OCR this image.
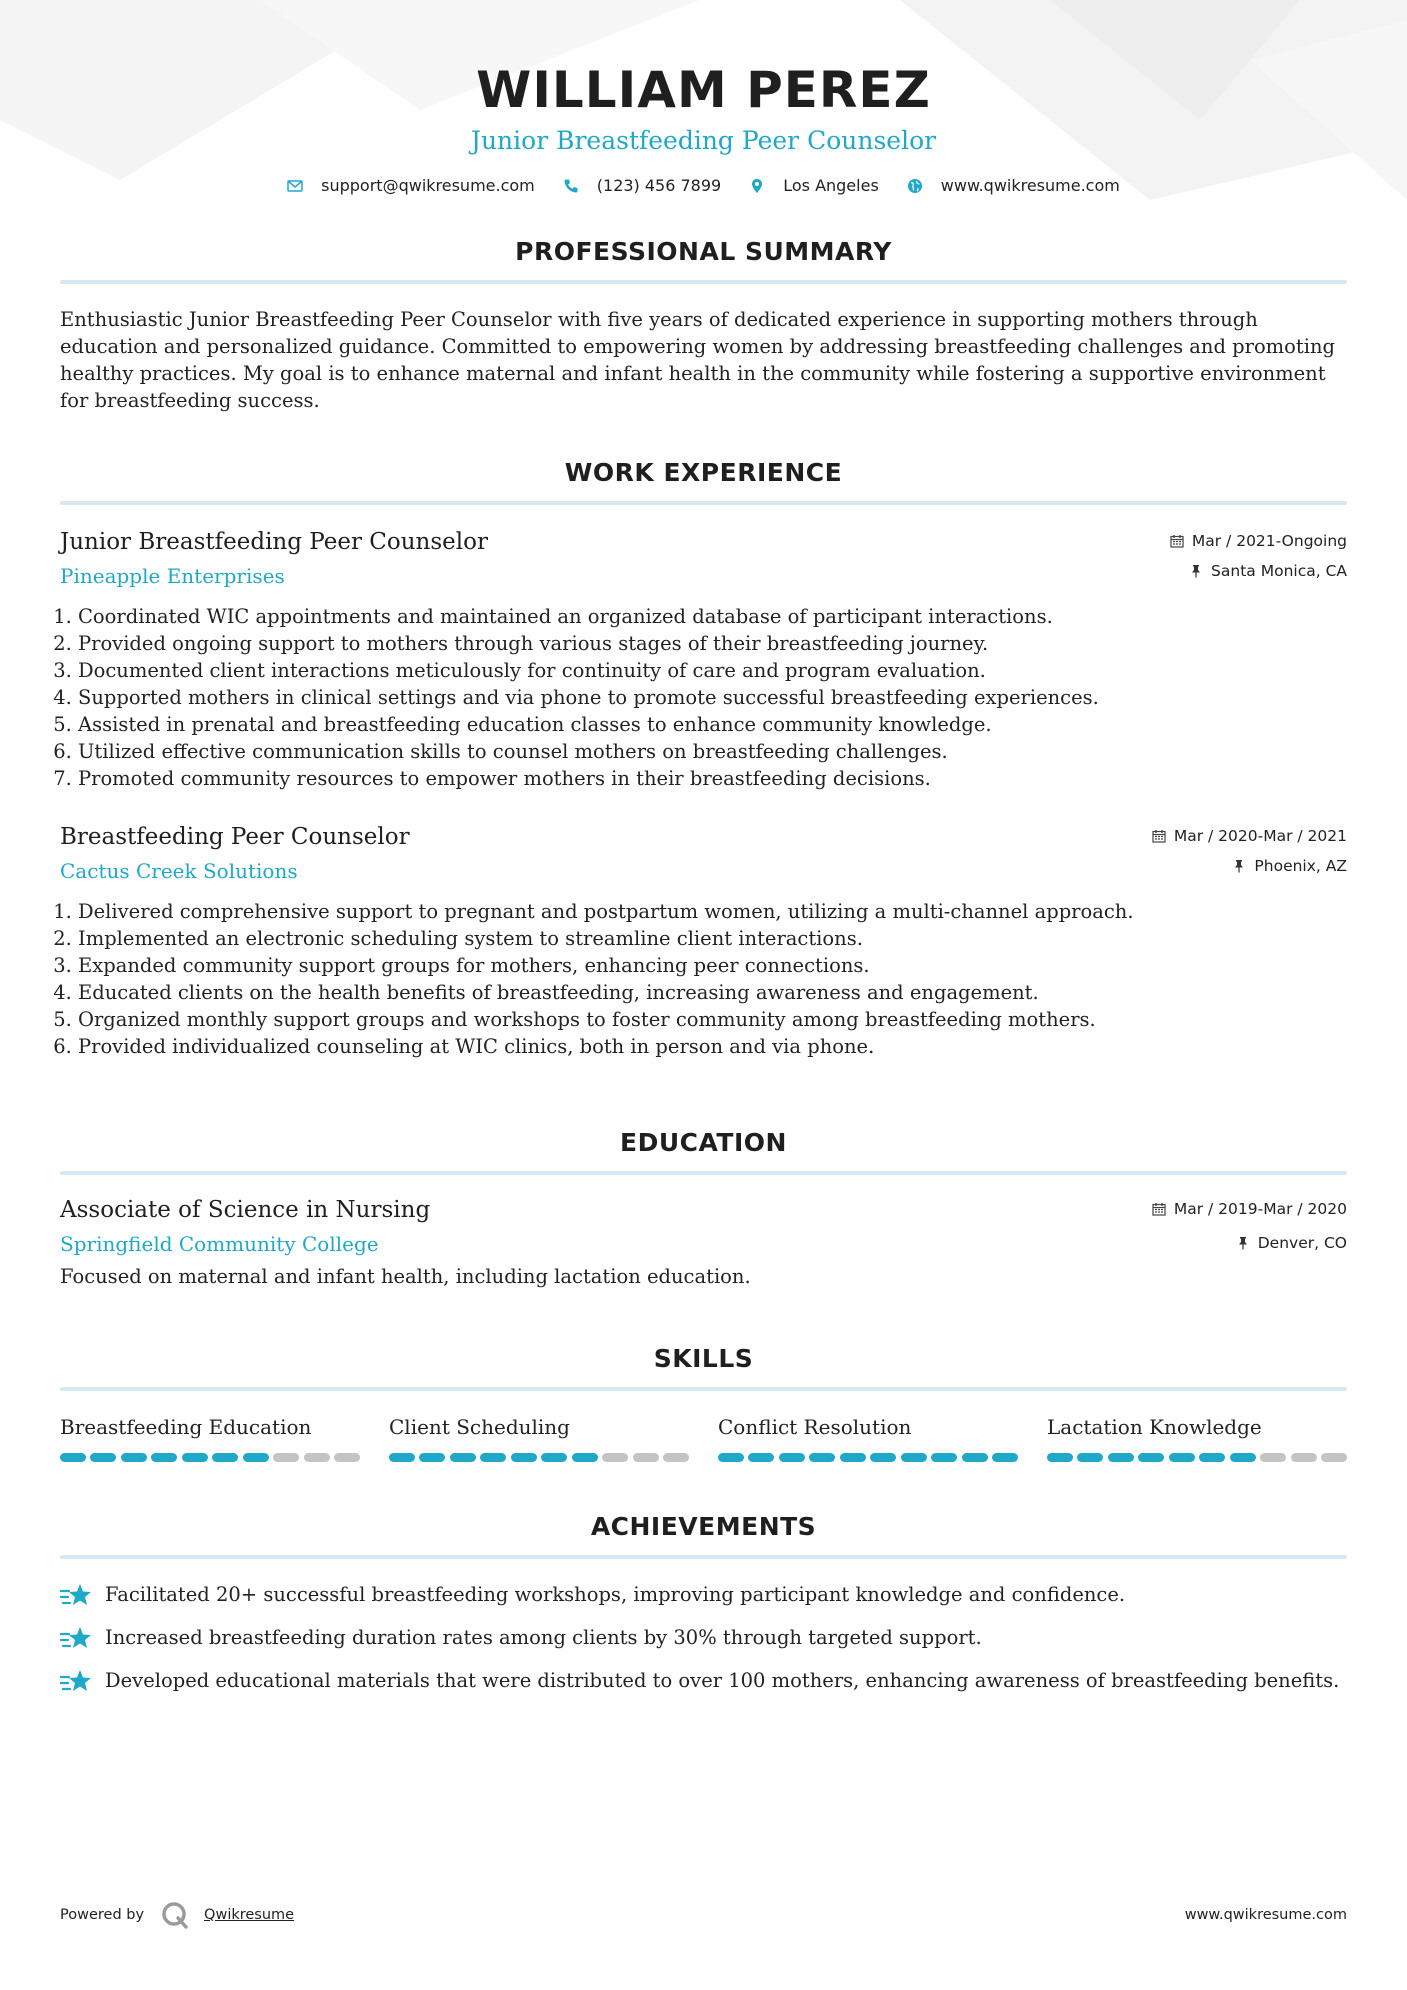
WILLIAM PEREZ
Junior Breastfeeding Peer Counselor
support@qwikresume.com	(123) 456 7899	Los Angeles	www.qwikresume.com
PROFESSIONAL SUMMARY
Enthusiastic Junior Breastfeeding Peer Counselor with five years of dedicated experience in supporting mothers through education and personalized guidance. Committed to empowering women by addressing breastfeeding challenges and promoting healthy practices. My goal is to enhance maternal and infant health in the community while fostering a supportive environment for breastfeeding success.
WORK EXPERIENCE
Junior Breastfeeding Peer Counselor
Pineapple Enterprises
Mar / 2021-Ongoing
Santa Monica, CA
1. Coordinated WIC appointments and maintained an organized database of participant interactions.
2. Provided ongoing support to mothers through various stages of their breastfeeding journey.
3. Documented client interactions meticulously for continuity of care and program evaluation.
4. Supported mothers in clinical settings and via phone to promote successful breastfeeding experiences.
5. Assisted in prenatal and breastfeeding education classes to enhance community knowledge.
6. Utilized effective communication skills to counsel mothers on breastfeeding challenges.
7. Promoted community resources to empower mothers in their breastfeeding decisions.
Breastfeeding Peer Counselor
Cactus Creek Solutions
Mar / 2020-Mar / 2021
Phoenix, AZ
1. Delivered comprehensive support to pregnant and postpartum women, utilizing a multi-channel approach.
2. Implemented an electronic scheduling system to streamline client interactions.
3. Expanded community support groups for mothers, enhancing peer connections.
4. Educated clients on the health benefits of breastfeeding, increasing awareness and engagement.
5. Organized monthly support groups and workshops to foster community among breastfeeding mothers.
6. Provided individualized counseling at WIC clinics, both in person and via phone.
EDUCATION
Associate of Science in Nursing
Springfield Community College
Mar / 2019-Mar / 2020
Denver, CO
Focused on maternal and infant health, including lactation education.
SKILLS
Breastfeeding Education	Client Scheduling	Conflict Resolution	Lactation Knowledge
ACHIEVEMENTS
Facilitated 20+ successful breastfeeding workshops, improving participant knowledge and confidence.
Increased breastfeeding duration rates among clients by 30% through targeted support.
Developed educational materials that were distributed to over 100 mothers, enhancing awareness of breastfeeding benefits.
Powered by	Qwikresume	www.qwikresume.com
